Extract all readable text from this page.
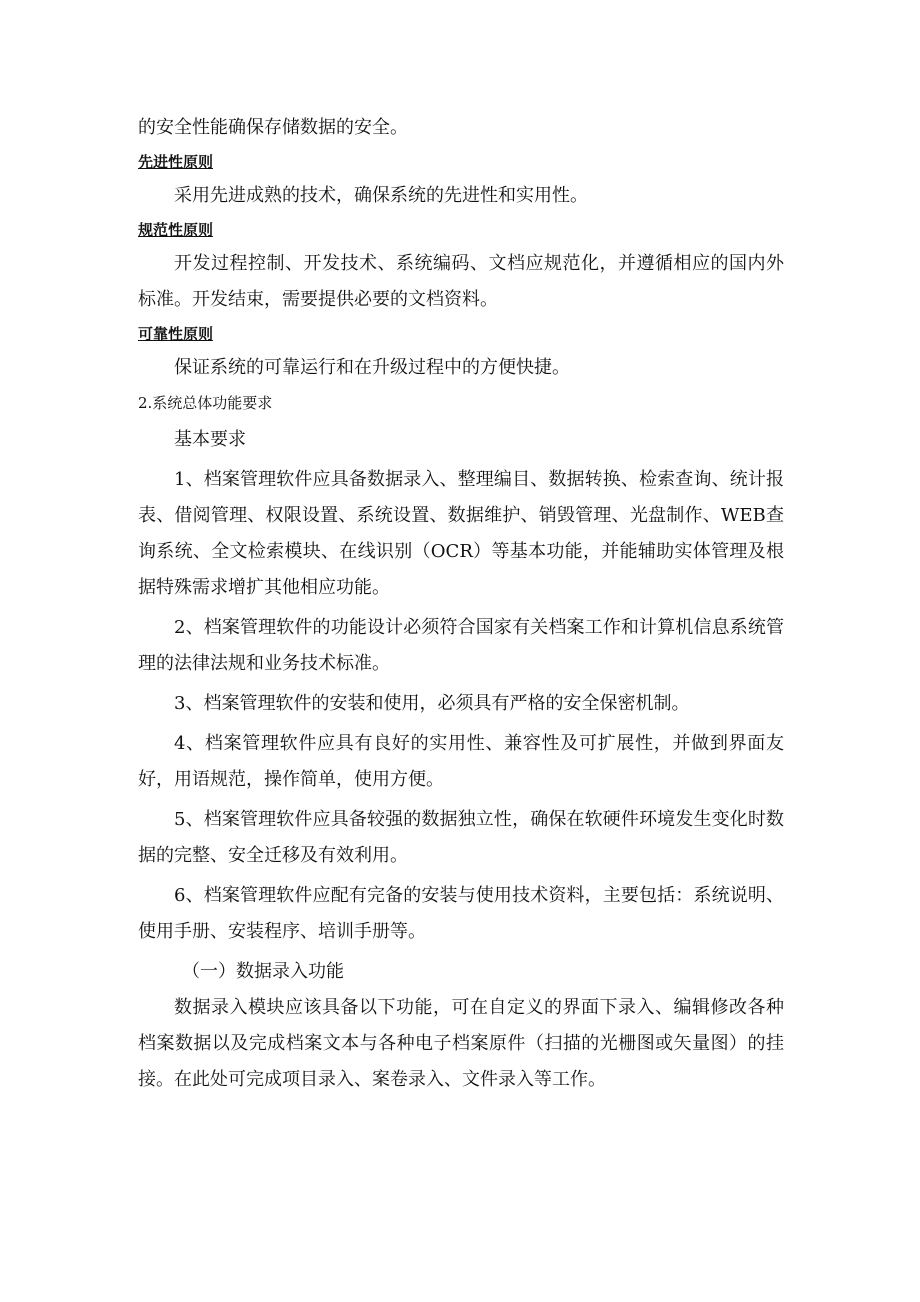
的安全性能确保存储数据的安全。

先进性原则

采用先进成熟的技术，确保系统的先进性和实用性。

规范性原则

开发过程控制、开发技术、系统编码、文档应规范化，并遵循相应的国内外标准。开发结束，需要提供必要的文档资料。

可靠性原则

保证系统的可靠运行和在升级过程中的方便快捷。

2.系统总体功能要求

基本要求

1、档案管理软件应具备数据录入、整理编目、数据转换、检索查询、统计报表、借阅管理、权限设置、系统设置、数据维护、销毁管理、光盘制作、WEB查询系统、全文检索模块、在线识别（OCR）等基本功能，并能辅助实体管理及根据特殊需求增扩其他相应功能。

2、档案管理软件的功能设计必须符合国家有关档案工作和计算机信息系统管理的法律法规和业务技术标准。

3、档案管理软件的安装和使用，必须具有严格的安全保密机制。

4、档案管理软件应具有良好的实用性、兼容性及可扩展性，并做到界面友好，用语规范，操作简单，使用方便。

5、档案管理软件应具备较强的数据独立性，确保在软硬件环境发生变化时数据的完整、安全迁移及有效利用。

6、档案管理软件应配有完备的安装与使用技术资料，主要包括：系统说明、使用手册、安装程序、培训手册等。

（一）数据录入功能

数据录入模块应该具备以下功能，可在自定义的界面下录入、编辑修改各种档案数据以及完成档案文本与各种电子档案原件（扫描的光栅图或矢量图）的挂接。在此处可完成项目录入、案卷录入、文件录入等工作。
